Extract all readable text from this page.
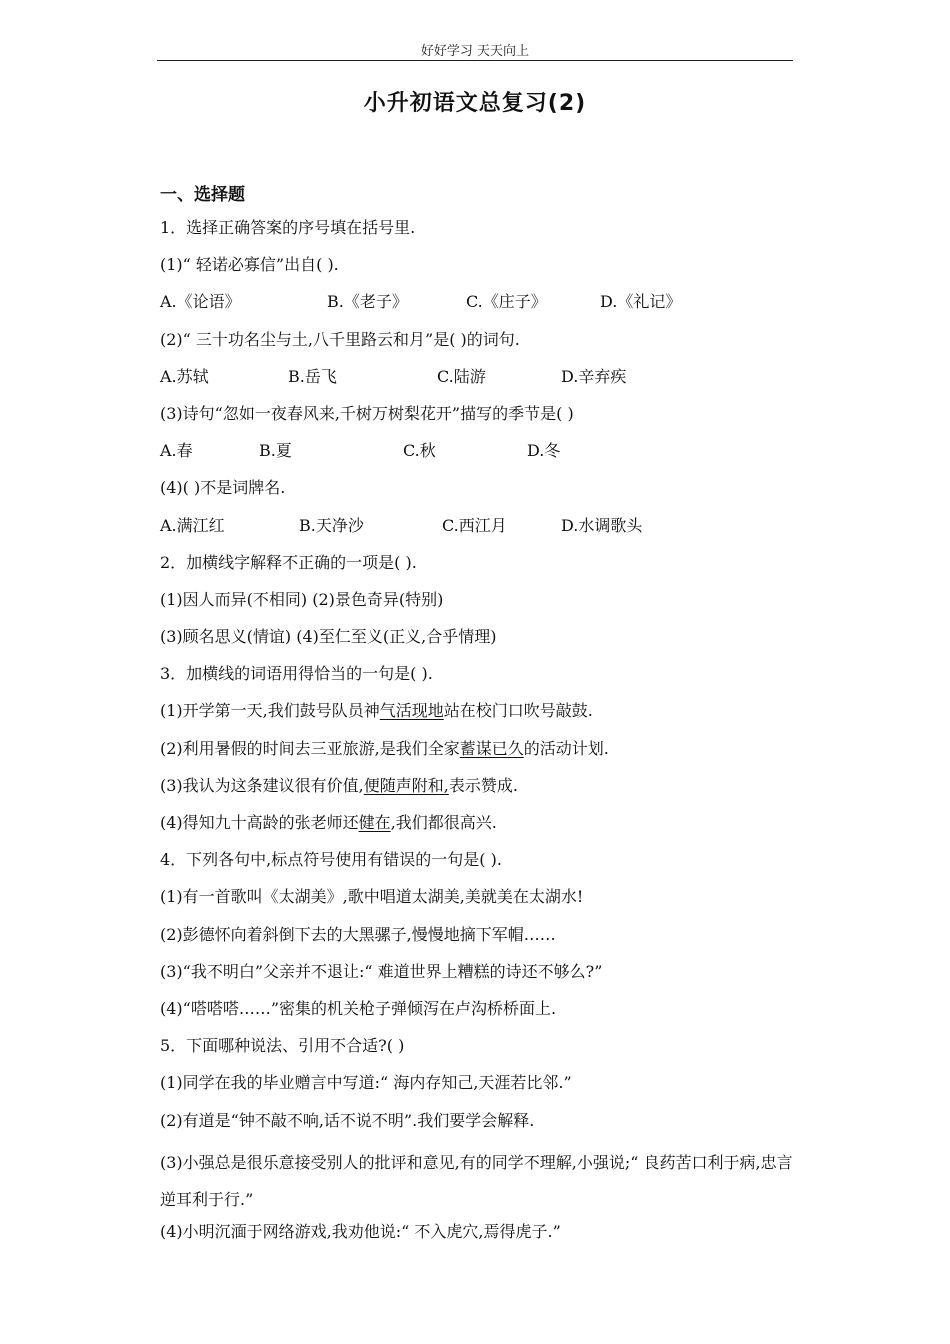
好好学习 天天向上
小升初语文总复习(2)
一、选择题
1．选择正确答案的序号填在括号里.
(1)“ 轻诺必寡信”出自( ).
A.《论语》	B.《老子》	C.《庄子》	D.《礼记》
(2)“ 三十功名尘与土,八千里路云和月”是( )的词句.
A.苏轼	B.岳飞	C.陆游	D.辛弃疾
(3)诗句“忽如一夜春风来,千树万树梨花开”描写的季节是( )
A.春	B.夏	C.秋	D.冬
(4)( )不是词牌名.
A.满江红	B.天净沙	C.西江月	D.水调歌头
2．加横线字解释不正确的一项是( ).
(1)因人而异(不相同) (2)景色奇异(特别)
(3)顾名思义(情谊) (4)至仁至义(正义,合乎情理)
3．加横线的词语用得恰当的一句是( ).
(1)开学第一天,我们鼓号队员神气活现地站在校门口吹号敲鼓.
(2)利用暑假的时间去三亚旅游,是我们全家蓄谋已久的活动计划.
(3)我认为这条建议很有价值,便随声附和,表示赞成.
(4)得知九十高龄的张老师还健在,我们都很高兴.
4．下列各句中,标点符号使用有错误的一句是( ).
(1)有一首歌叫《太湖美》,歌中唱道太湖美,美就美在太湖水!
(2)彭德怀向着斜倒下去的大黑骡子,慢慢地摘下军帽……
(3)“我不明白”父亲并不退让:“ 难道世界上糟糕的诗还不够么?”
(4)“嗒嗒嗒……”密集的机关枪子弹倾泻在卢沟桥桥面上.
5．下面哪种说法、引用不合适?( )
(1)同学在我的毕业赠言中写道:“ 海内存知己,天涯若比邻.”
(2)有道是“钟不敲不响,话不说不明”.我们要学会解释.
(3)小强总是很乐意接受别人的批评和意见,有的同学不理解,小强说;“ 良药苦口利于病,忠言逆耳利于行.”
(4)小明沉湎于网络游戏,我劝他说:“ 不入虎穴,焉得虎子.”
